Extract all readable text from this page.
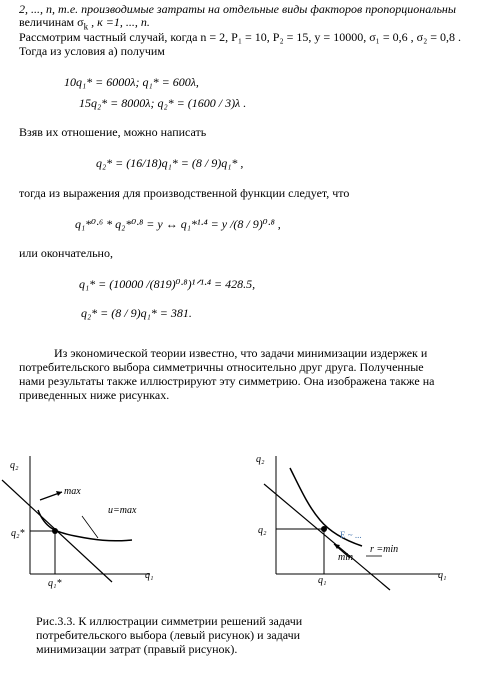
2, ..., n, т.е. производимые затраты на отдельные виды факторов пропорциональны
величинам $\sigma_k$ , к =1, ..., n.
Рассмотрим частный случай, когда n = 2, P₁ = 10, P₂ = 15, y = 10000, σ₁ = 0,6 , σ₂ = 0,8 .
Тогда из условия а) получим
10q₁* = 6000λ; q₁* = 600λ,
15q₂* = 8000λ; q₂* = (1600 / 3)λ .
Взяв их отношение, можно написать
q₂* = (16/18)q₁* = (8 / 9)q₁* ,
тогда из выражения для производственной функции следует, что
q₁*⁰·⁶ * q₂*⁰·⁸ = y ↔ q₁*¹·⁴ = y /(8 / 9)⁰·⁸ ,
или окончательно,
q₁* = (10000 /(819)⁰·⁸)¹ᐟ¹·⁴ = 428.5,
q₂* = (8 / 9)q₁* = 381.
Из экономической теории известно, что задачи минимизации издержек и потребительского выбора симметричны относительно друг друга. Полученные нами результаты также иллюстрируют эту симметрию. Она изображена также на приведенных ниже рисунках.
max
u=max
q₂
q₁
q₂*
q₁*
E ~ ...
min
r =min
q₂
q₁
q₂
q₁
Рис.3.3. К иллюстрации симметрии решений задачи потребительского выбора (левый рисунок) и задачи минимизации затрат (правый рисунок).
